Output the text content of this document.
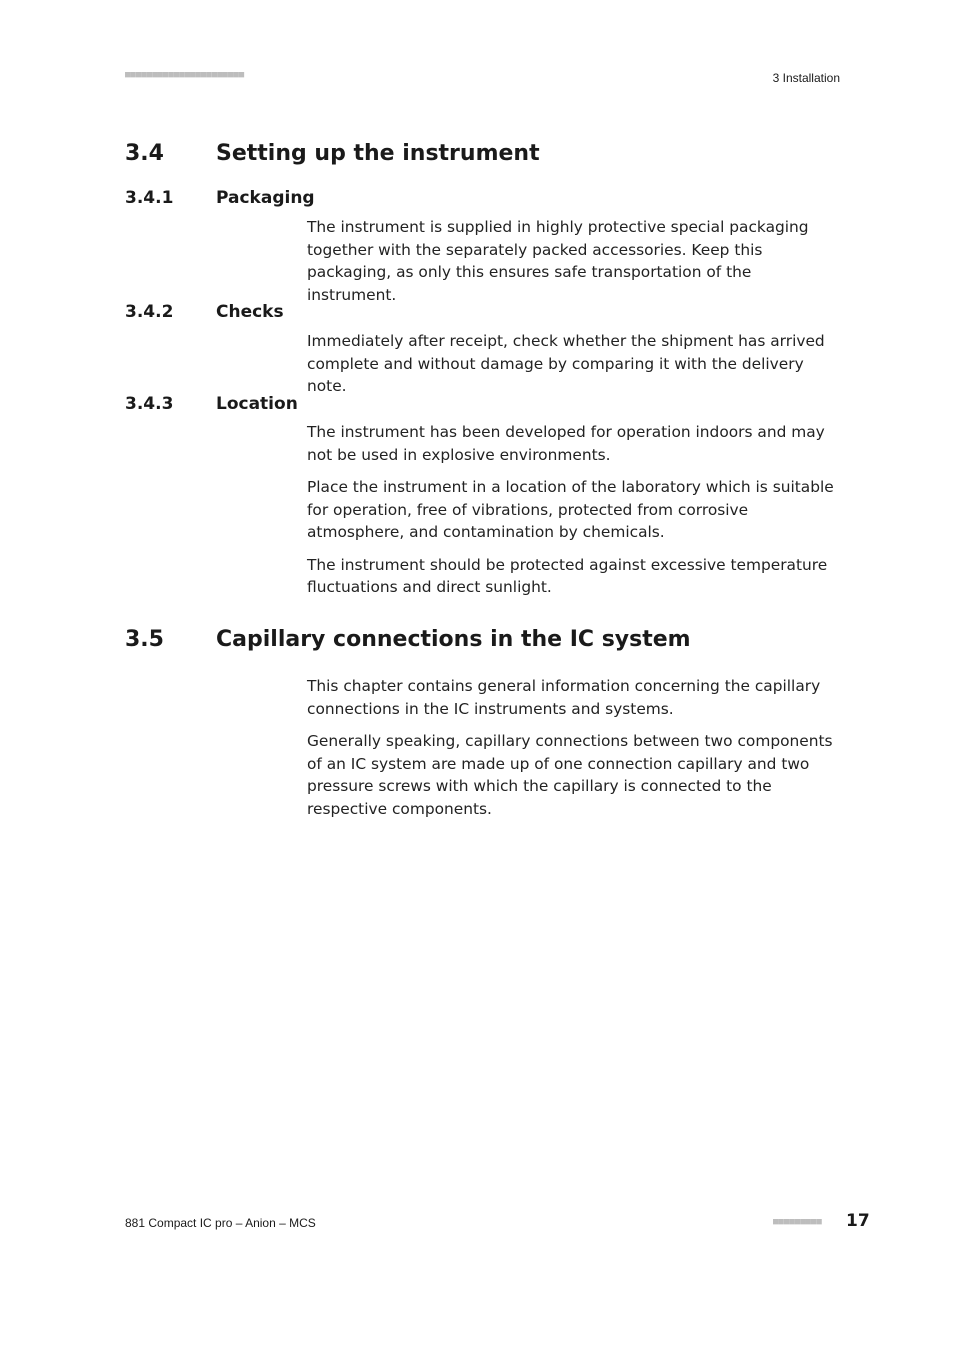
■■■■■■■■■■■■■■■■■■■■■■	3 Installation
3.4 Setting up the instrument
3.4.1	Packaging

The instrument is supplied in highly protective special packaging together with the separately packed accessories. Keep this packaging, as only this ensures safe transportation of the instrument.

3.4.2	Checks

Immediately after receipt, check whether the shipment has arrived complete and without damage by comparing it with the delivery note.

3.4.3	Location

The instrument has been developed for operation indoors and may not be used in explosive environments.

Place the instrument in a location of the laboratory which is suitable for operation, free of vibrations, protected from corrosive atmosphere, and contamination by chemicals.

The instrument should be protected against excessive temperature fluctuations and direct sunlight.

3.5 Capillary connections in the IC system

This chapter contains general information concerning the capillary connections in the IC instruments and systems.

Generally speaking, capillary connections between two components of an IC system are made up of one connection capillary and two pressure screws with which the capillary is connected to the respective components.

881 Compact IC pro – Anion – MCS	■■■■■■■■■ 17
